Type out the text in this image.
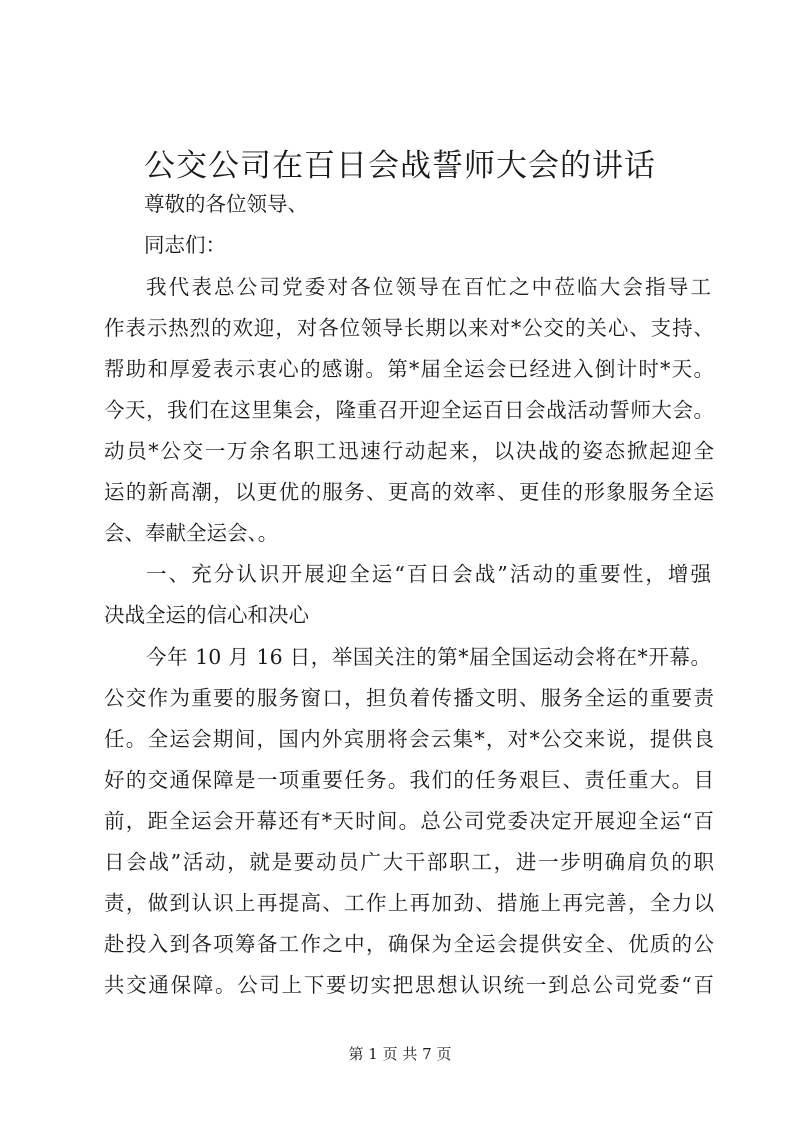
公交公司在百日会战誓师大会的讲话

尊敬的各位领导、

同志们：

我代表总公司党委对各位领导在百忙之中莅临大会指导工

作表示热烈的欢迎，对各位领导长期以来对*公交的关心、支持、

帮助和厚爱表示衷心的感谢。第*届全运会已经进入倒计时*天。

今天，我们在这里集会，隆重召开迎全运百日会战活动誓师大会。

动员*公交一万余名职工迅速行动起来，以决战的姿态掀起迎全

运的新高潮，以更优的服务、更高的效率、更佳的形象服务全运

会、奉献全运会、。

一、充分认识开展迎全运“百日会战”活动的重要性，增强

决战全运的信心和决心

今年 10 月 16 日，举国关注的第*届全国运动会将在*开幕。

公交作为重要的服务窗口，担负着传播文明、服务全运的重要责

任。全运会期间，国内外宾朋将会云集*，对*公交来说，提供良

好的交通保障是一项重要任务。我们的任务艰巨、责任重大。目

前，距全运会开幕还有*天时间。总公司党委决定开展迎全运“百

日会战”活动，就是要动员广大干部职工，进一步明确肩负的职

责，做到认识上再提高、工作上再加劲、措施上再完善，全力以

赴投入到各项筹备工作之中，确保为全运会提供安全、优质的公

共交通保障。公司上下要切实把思想认识统一到总公司党委“百

第 1 页 共 7 页
